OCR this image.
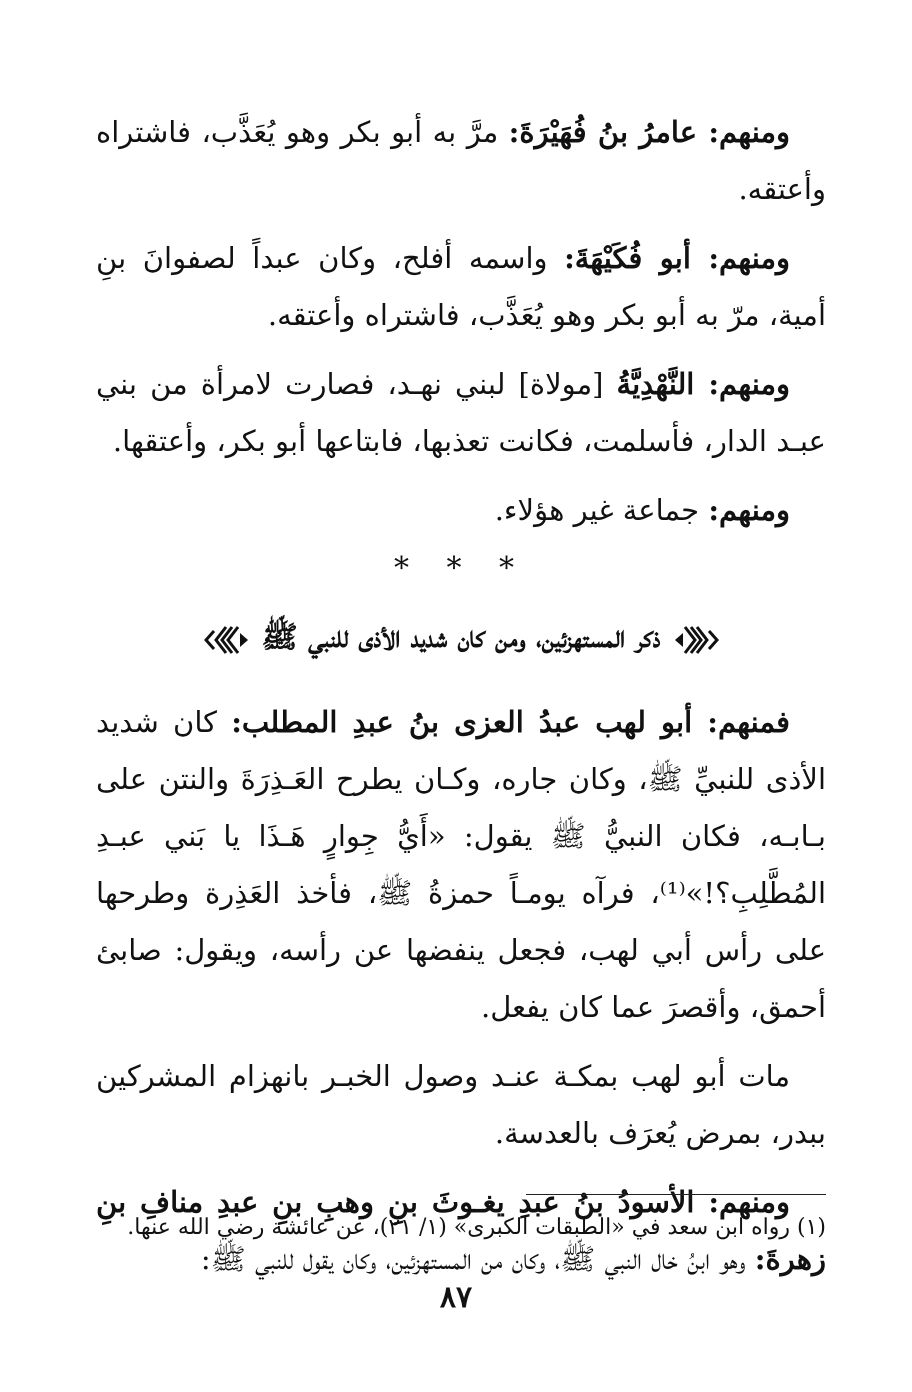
ومنهم: عامرُ بنُ فُهَيْرَةَ: مرَّ به أبو بكر وهو يُعَذَّب، فاشتراه وأعتقه.

ومنهم: أبو فُكَيْهَةَ: واسمه أفلح، وكان عبداً لصفوانَ بنِ أمية، مرّ به أبو بكر وهو يُعَذَّب، فاشتراه وأعتقه.

ومنهم: النَّهْدِيَّةُ [مولاة] لبني نهـد، فصارت لامرأة من بني عبـد الدار، فأسلمت، فكانت تعذبها، فابتاعها أبو بكر، وأعتقها.

ومنهم: جماعة غير هؤلاء.

* * *
ذكر المستهزئين، ومن كان شديد الأذى للنبي ﷺ

فمنهم: أبو لهب عبدُ العزى بنُ عبدِ المطلب: كان شديد الأذى للنبيِّ ﷺ، وكان جاره، وكـان يطرح العَـذِرَةَ والنتن على بـابـه، فكان النبيُّ ﷺ يقول: «أَيُّ جِوارٍ هَـذَا يا بَني عبـدِ المُطَّلِبِ؟!»⁽¹⁾، فرآه يومـاً حمزةُ ﷺ، فأخذ العَذِرة وطرحها على رأس أبي لهب، فجعل ينفضها عن رأسه، ويقول: صابئ أحمق، وأقصرَ عما كان يفعل.

مات أبو لهب بمكـة عنـد وصول الخبـر بانهزام المشركين ببدر، بمرض يُعرَف بالعدسة.

ومنهم: الأسودُ بنُ عبدِ يغـوثَ بنِ وهبِ بنِ عبدِ منافِ بنِ زهرةَ: وهو ابنُ خال النبي ﷺ، وكان من المستهزئين، وكان يقول للنبي ﷺ:

(١) رواه ابن سعد في «الطبقات الكبرى» (١/ ٢١)، عن عائشة رضي الله عنها.
٨٧
